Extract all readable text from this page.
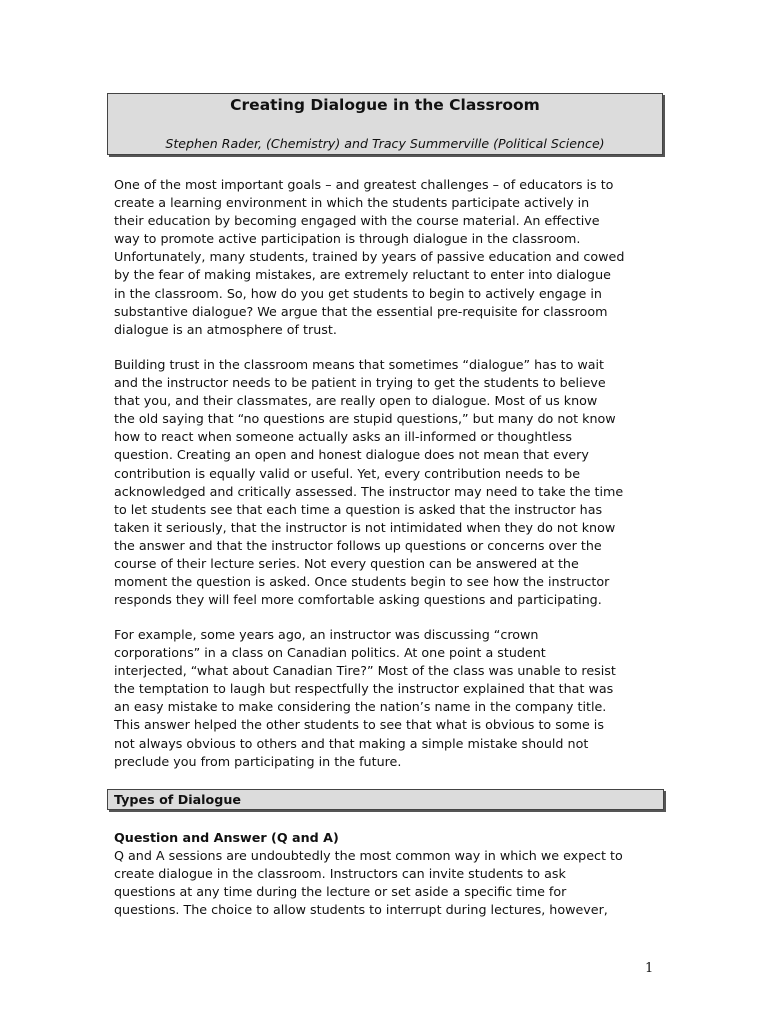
Creating Dialogue in the Classroom
Stephen Rader, (Chemistry) and Tracy Summerville (Political Science)
One of the most important goals – and greatest challenges – of educators is to
create a learning environment in which the students participate actively in
their education by becoming engaged with the course material. An effective
way to promote active participation is through dialogue in the classroom.
Unfortunately, many students, trained by years of passive education and cowed
by the fear of making mistakes, are extremely reluctant to enter into dialogue
in the classroom. So, how do you get students to begin to actively engage in
substantive dialogue? We argue that the essential pre-requisite for classroom
dialogue is an atmosphere of trust.
Building trust in the classroom means that sometimes “dialogue” has to wait
and the instructor needs to be patient in trying to get the students to believe
that you, and their classmates, are really open to dialogue. Most of us know
the old saying that “no questions are stupid questions,” but many do not know
how to react when someone actually asks an ill-informed or thoughtless
question. Creating an open and honest dialogue does not mean that every
contribution is equally valid or useful. Yet, every contribution needs to be
acknowledged and critically assessed. The instructor may need to take the time
to let students see that each time a question is asked that the instructor has
taken it seriously, that the instructor is not intimidated when they do not know
the answer and that the instructor follows up questions or concerns over the
course of their lecture series. Not every question can be answered at the
moment the question is asked. Once students begin to see how the instructor
responds they will feel more comfortable asking questions and participating.
For example, some years ago, an instructor was discussing “crown
corporations” in a class on Canadian politics. At one point a student
interjected, “what about Canadian Tire?” Most of the class was unable to resist
the temptation to laugh but respectfully the instructor explained that that was
an easy mistake to make considering the nation’s name in the company title.
This answer helped the other students to see that what is obvious to some is
not always obvious to others and that making a simple mistake should not
preclude you from participating in the future.
Types of Dialogue
Question and Answer (Q and A)
Q and A sessions are undoubtedly the most common way in which we expect to
create dialogue in the classroom. Instructors can invite students to ask
questions at any time during the lecture or set aside a specific time for
questions. The choice to allow students to interrupt during lectures, however,
1
